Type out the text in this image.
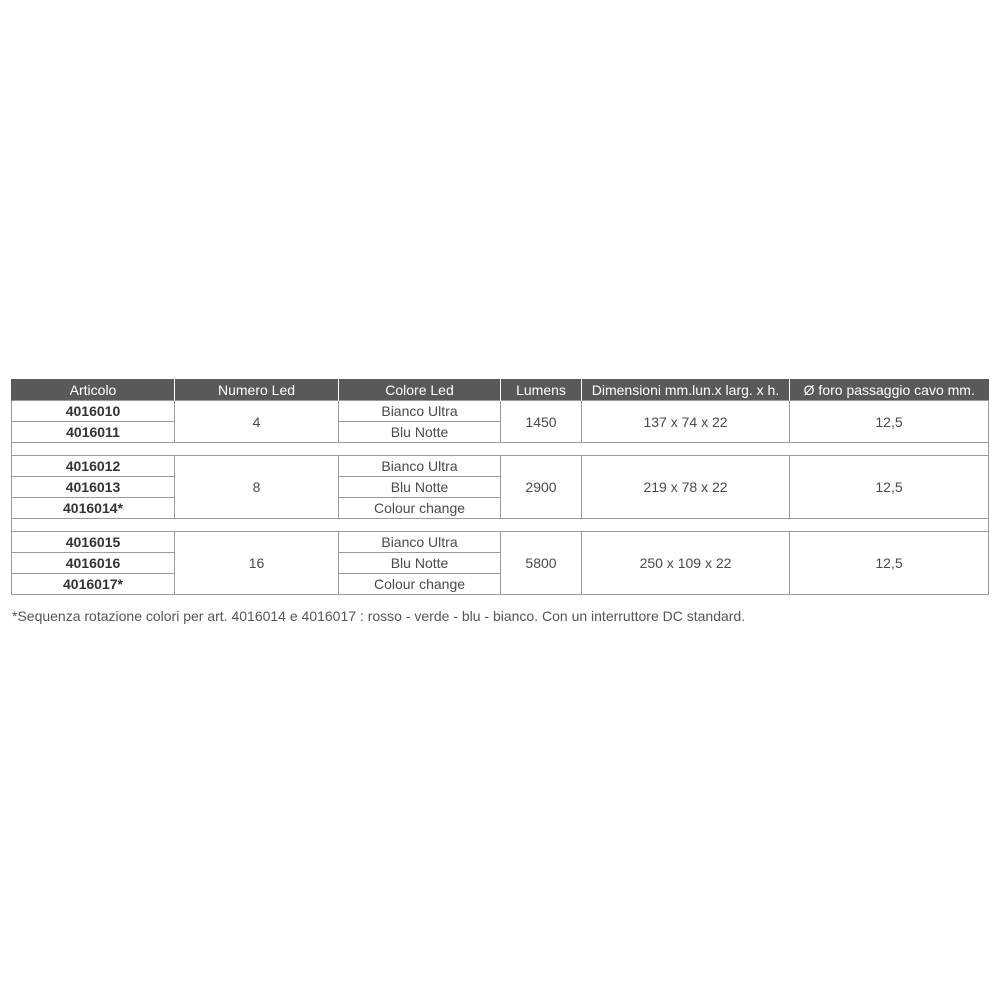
Articolo	Numero Led	Colore Led	Lumens	Dimensioni mm.lun.x larg. x h.	Ø foro passaggio cavo mm.
4016010	4	Bianco Ultra	1450	137 x 74 x 22	12,5
4016011		Blu Notte			

4016012	8	Bianco Ultra	2900	219 x 78 x 22	12,5
4016013		Blu Notte			
4016014*		Colour change			

4016015	16	Bianco Ultra	5800	250 x 109 x 22	12,5
4016016		Blu Notte			
4016017*		Colour change			
*Sequenza rotazione colori per art. 4016014 e 4016017 : rosso - verde - blu - bianco. Con un interruttore DC standard.
